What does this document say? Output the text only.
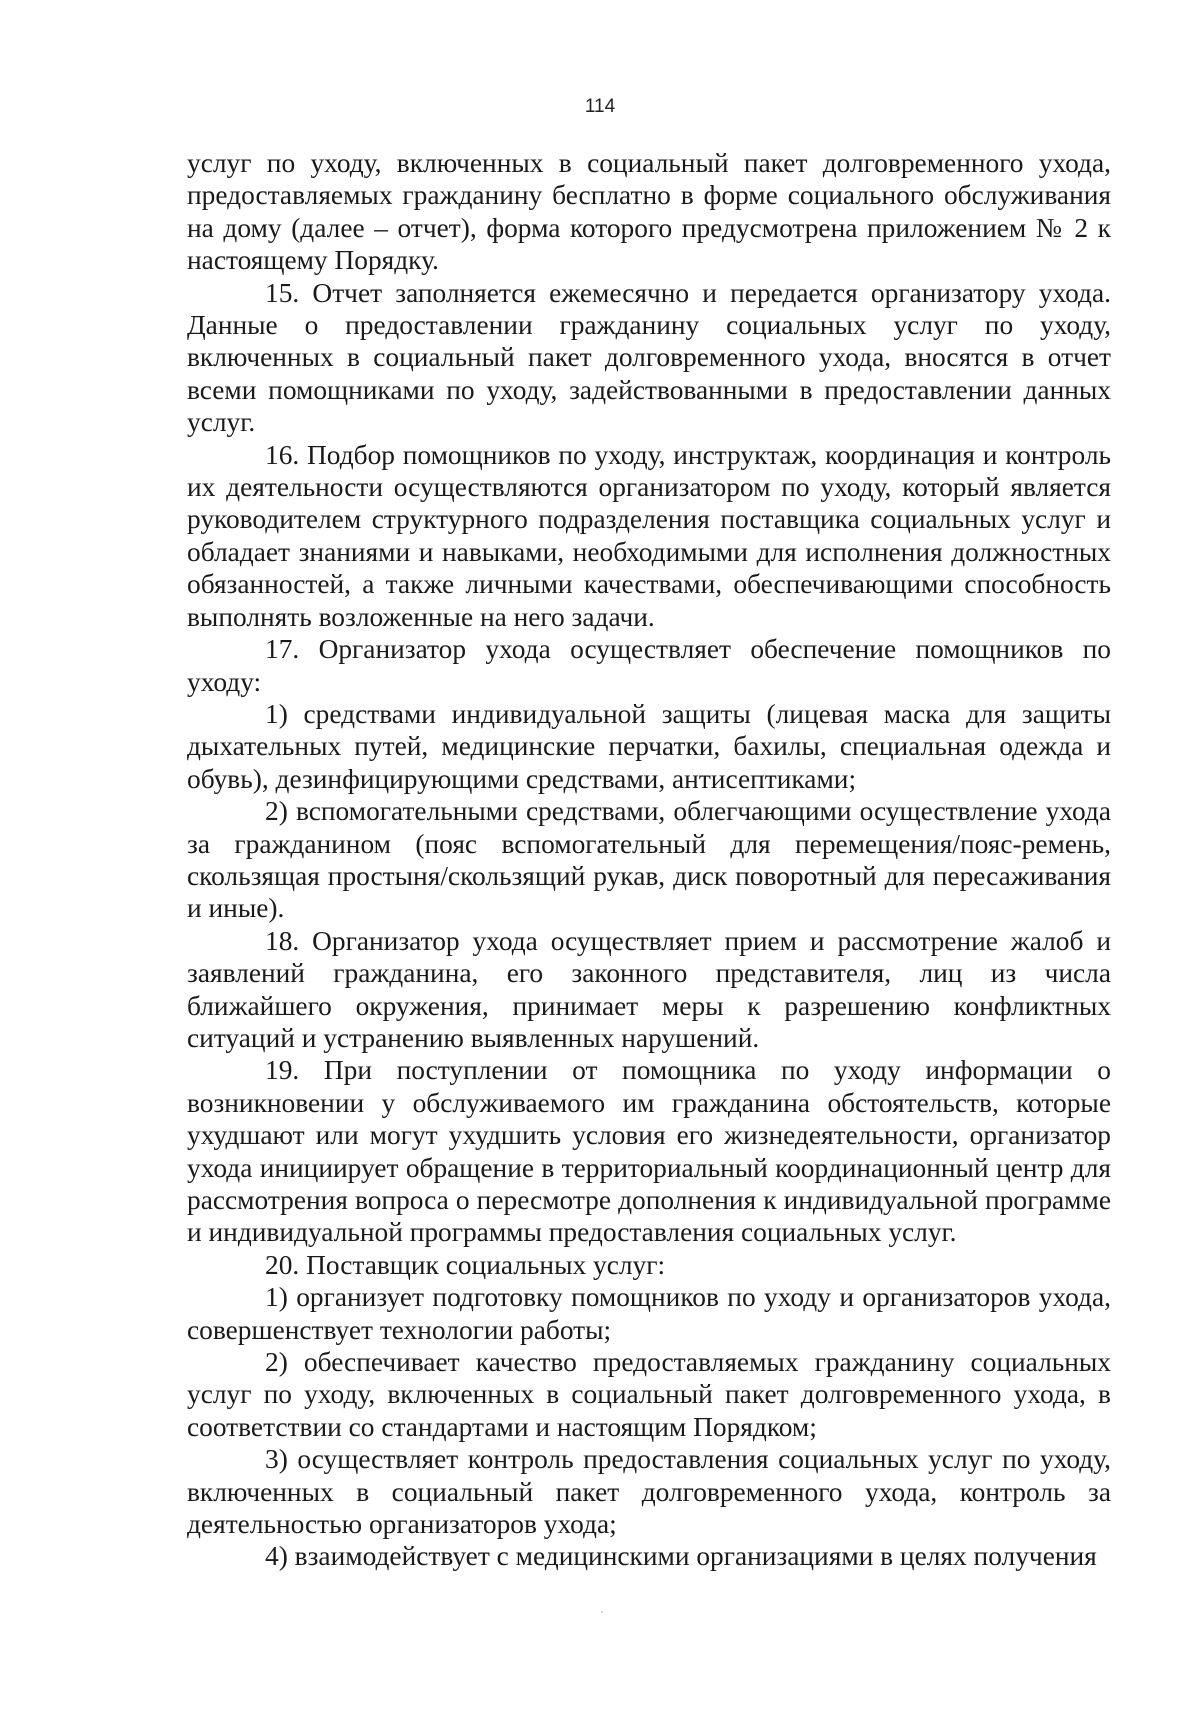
114

услуг по уходу, включенных в социальный пакет долговременного ухода, предоставляемых гражданину бесплатно в форме социального обслуживания на дому (далее – отчет), форма которого предусмотрена приложением № 2 к настоящему Порядку.

15. Отчет заполняется ежемесячно и передается организатору ухода. Данные о предоставлении гражданину социальных услуг по уходу, включенных в социальный пакет долговременного ухода, вносятся в отчет всеми помощниками по уходу, задействованными в предоставлении данных услуг.

16. Подбор помощников по уходу, инструктаж, координация и контроль их деятельности осуществляются организатором по уходу, который является руководителем структурного подразделения поставщика социальных услуг и обладает знаниями и навыками, необходимыми для исполнения должностных обязанностей, а также личными качествами, обеспечивающими способность выполнять возложенные на него задачи.

17. Организатор ухода осуществляет обеспечение помощников по уходу:

1) средствами индивидуальной защиты (лицевая маска для защиты дыхательных путей, медицинские перчатки, бахилы, специальная одежда и обувь), дезинфицирующими средствами, антисептиками;

2) вспомогательными средствами, облегчающими осуществление ухода за гражданином (пояс вспомогательный для перемещения/пояс-ремень, скользящая простыня/скользящий рукав, диск поворотный для пересаживания и иные).

18. Организатор ухода осуществляет прием и рассмотрение жалоб и заявлений гражданина, его законного представителя, лиц из числа ближайшего окружения, принимает меры к разрешению конфликтных ситуаций и устранению выявленных нарушений.

19. При поступлении от помощника по уходу информации о возникновении у обслуживаемого им гражданина обстоятельств, которые ухудшают или могут ухудшить условия его жизнедеятельности, организатор ухода инициирует обращение в территориальный координационный центр для рассмотрения вопроса о пересмотре дополнения к индивидуальной программе и индивидуальной программы предоставления социальных услуг.

20. Поставщик социальных услуг:

1) организует подготовку помощников по уходу и организаторов ухода, совершенствует технологии работы;

2) обеспечивает качество предоставляемых гражданину социальных услуг по уходу, включенных в социальный пакет долговременного ухода, в соответствии со стандартами и настоящим Порядком;

3) осуществляет контроль предоставления социальных услуг по уходу, включенных в социальный пакет долговременного ухода, контроль за деятельностью организаторов ухода;

4) взаимодействует с медицинскими организациями в целях получения
